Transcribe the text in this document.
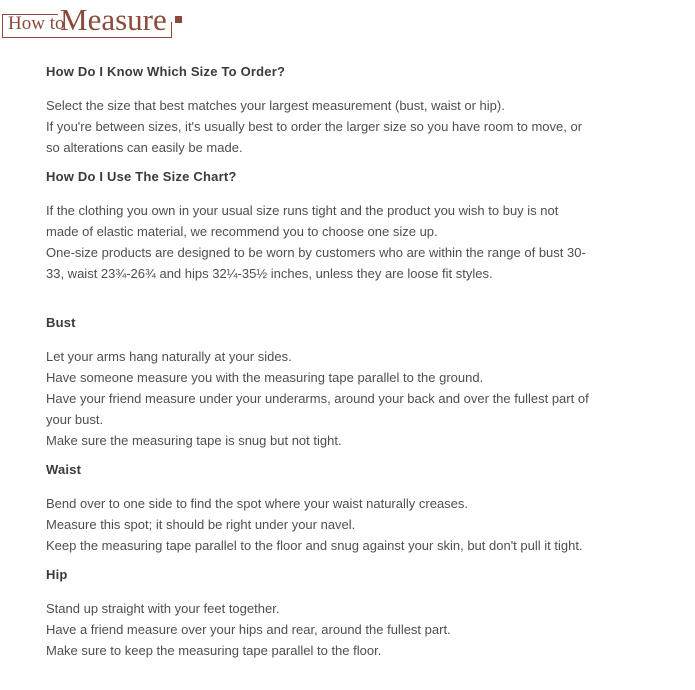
How to
Measure
How Do I Know Which Size To Order?

Select the size that best matches your largest measurement (bust, waist or hip).
If you're between sizes, it's usually best to order the larger size so you have room to move, or
so alterations can easily be made.

How Do I Use The Size Chart?

If the clothing you own in your usual size runs tight and the product you wish to buy is not
made of elastic material, we recommend you to choose one size up.
One-size products are designed to be worn by customers who are within the range of bust 30-
33, waist 23¾-26¾ and hips 32¼-35½ inches, unless they are loose fit styles.

Bust

Let your arms hang naturally at your sides.
Have someone measure you with the measuring tape parallel to the ground.
Have your friend measure under your underarms, around your back and over the fullest part of
your bust.
Make sure the measuring tape is snug but not tight.

Waist

Bend over to one side to find the spot where your waist naturally creases.
Measure this spot; it should be right under your navel.
Keep the measuring tape parallel to the floor and snug against your skin, but don't pull it tight.

Hip

Stand up straight with your feet together.
Have a friend measure over your hips and rear, around the fullest part.
Make sure to keep the measuring tape parallel to the floor.
